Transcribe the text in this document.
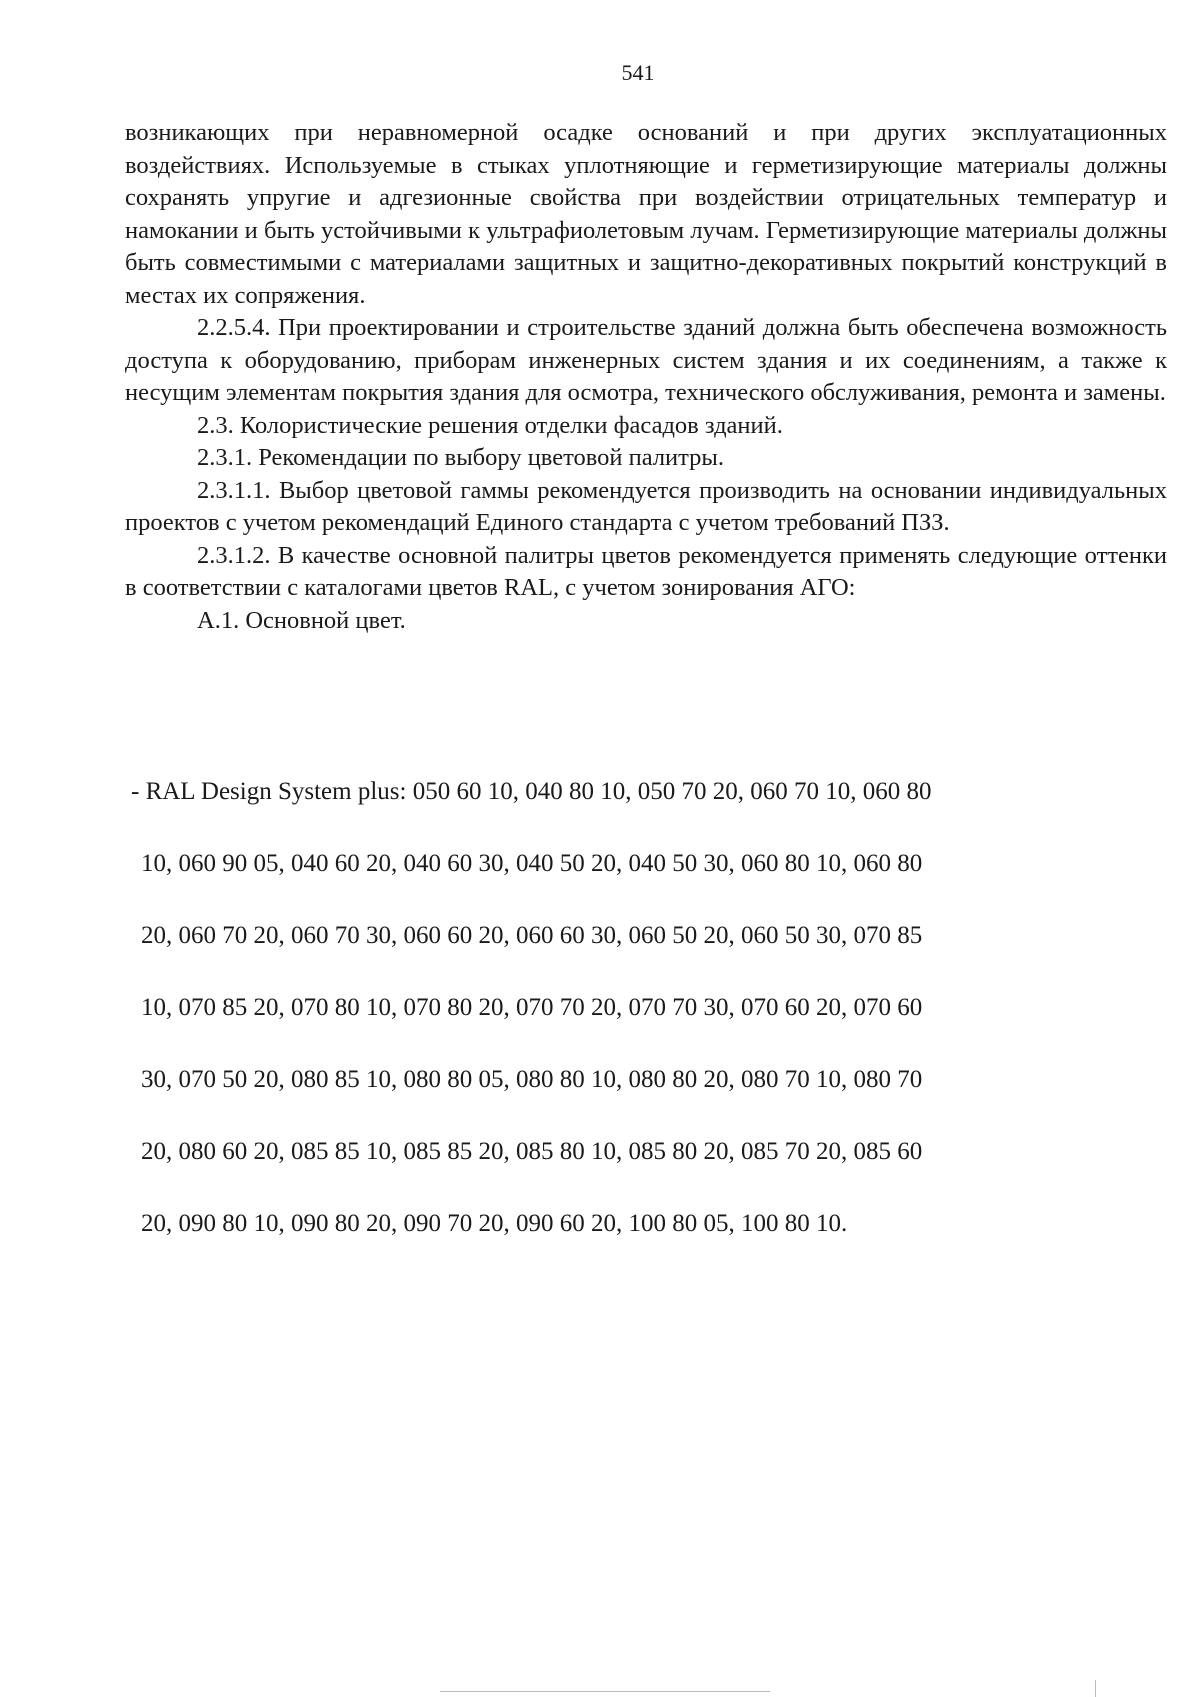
541

возникающих при неравномерной осадке оснований и при других эксплуатационных воздействиях. Используемые в стыках уплотняющие и герметизирующие материалы должны сохранять упругие и адгезионные свойства при воздействии отрицательных температур и намокании и быть устойчивыми к ультрафиолетовым лучам. Герметизирующие материалы должны быть совместимыми с материалами защитных и защитно-декоративных покрытий конструкций в местах их сопряжения.

2.2.5.4. При проектировании и строительстве зданий должна быть обеспечена возможность доступа к оборудованию, приборам инженерных систем здания и их соединениям, а также к несущим элементам покрытия здания для осмотра, технического обслуживания, ремонта и замены.

2.3. Колористические решения отделки фасадов зданий.

2.3.1. Рекомендации по выбору цветовой палитры.

2.3.1.1. Выбор цветовой гаммы рекомендуется производить на основании индивидуальных проектов с учетом рекомендаций Единого стандарта с учетом требований ПЗЗ.

2.3.1.2. В качестве основной палитры цветов рекомендуется применять следующие оттенки в соответствии с каталогами цветов RAL, с учетом зонирования АГО:

А.1. Основной цвет.

- RAL Design System plus: 050 60 10, 040 80 10, 050 70 20, 060 70 10, 060 80

10, 060 90 05, 040 60 20, 040 60 30, 040 50 20, 040 50 30, 060 80 10, 060 80

20, 060 70 20, 060 70 30, 060 60 20, 060 60 30, 060 50 20, 060 50 30, 070 85

10, 070 85 20, 070 80 10, 070 80 20, 070 70 20, 070 70 30, 070 60 20, 070 60

30, 070 50 20, 080 85 10, 080 80 05, 080 80 10, 080 80 20, 080 70 10, 080 70

20, 080 60 20, 085 85 10, 085 85 20, 085 80 10, 085 80 20, 085 70 20, 085 60

20, 090 80 10, 090 80 20, 090 70 20, 090 60 20, 100 80 05, 100 80 10.
